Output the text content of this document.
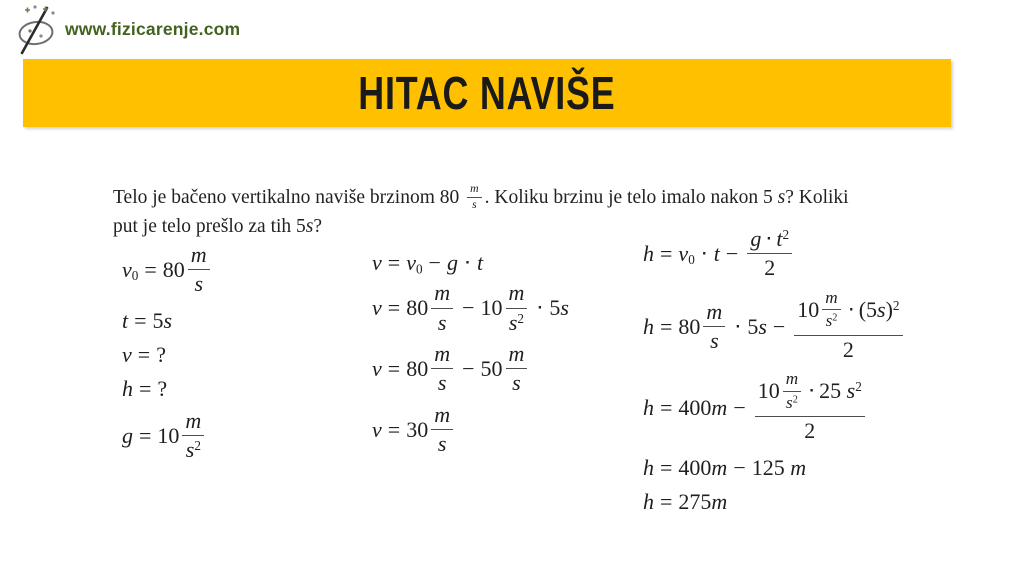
www.fizicarenje.com
HITAC NAVIŠE

Telo je bačeno vertikalno naviše brzinom $80 \frac{m}{s}$ . Koliku brzinu je telo imalo nakon 5 s? Koliki
put je telo prešlo za tih 5s?

$v_0 = 80 \frac{m}{s}$
t = 5s
v = ?
h = ?
$g = 10 \frac{m}{s^2}$
$v = v_0 - g \cdot t$
$v = 80 \frac{m}{s} - 10 \frac{m}{s^2} \cdot 5s$
$v = 80 \frac{m}{s} - 50 \frac{m}{s}$
$v = 30 \frac{m}{s}$
$h = v_0 \cdot t - \frac{g \cdot t^2}{2}$
$h = 80 \frac{m}{s} \cdot 5s - \frac{10 \frac{m}{s^2} \cdot (5s)^2}{2}$
$h = 400m - \frac{10 \frac{m}{s^2} \cdot 25 s^2}{2}$
h = 400m − 125 m
h = 275m
